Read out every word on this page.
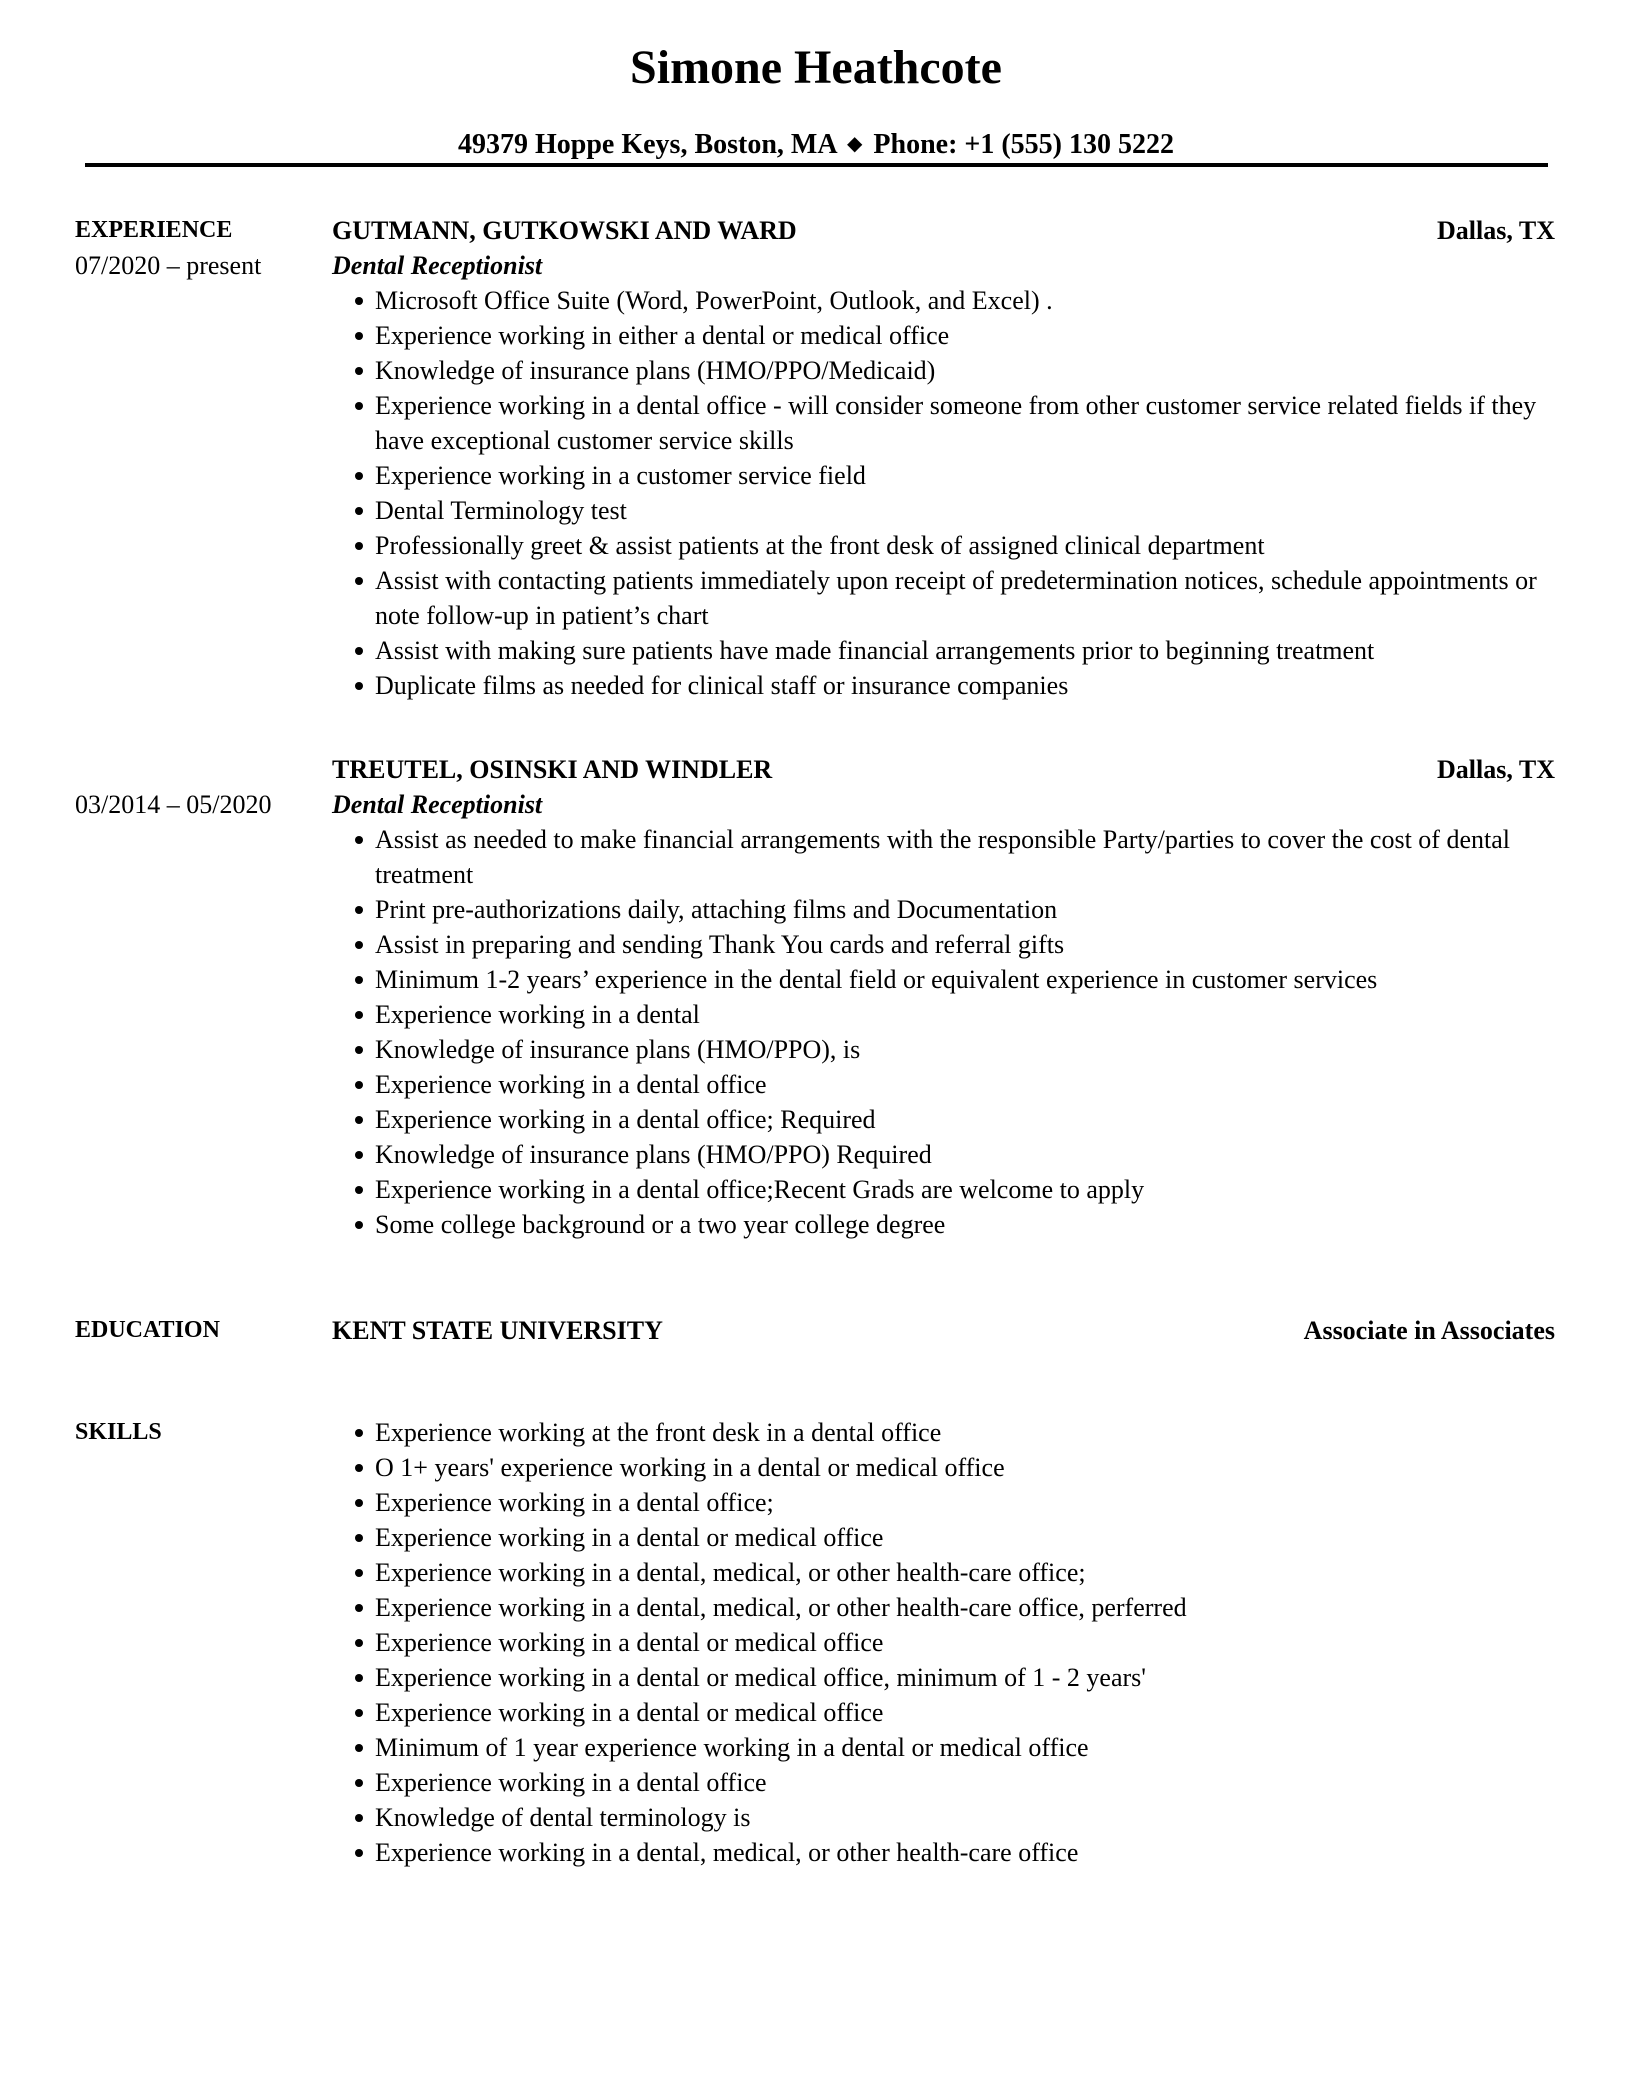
Simone Heathcote
49379 Hoppe Keys, Boston, MA ◆ Phone: +1 (555) 130 5222
EXPERIENCE	GUTMANN, GUTKOWSKI AND WARD	Dallas, TX
07/2020 – present	Dental Receptionist
Microsoft Office Suite (Word, PowerPoint, Outlook, and Excel) .
Experience working in either a dental or medical office
Knowledge of insurance plans (HMO/PPO/Medicaid)
Experience working in a dental office - will consider someone from other customer service related fields if they have exceptional customer service skills
Experience working in a customer service field
Dental Terminology test
Professionally greet & assist patients at the front desk of assigned clinical department
Assist with contacting patients immediately upon receipt of predetermination notices, schedule appointments or note follow-up in patient’s chart
Assist with making sure patients have made financial arrangements prior to beginning treatment
Duplicate films as needed for clinical staff or insurance companies
TREUTEL, OSINSKI AND WINDLER	Dallas, TX
03/2014 – 05/2020 Dental Receptionist
Assist as needed to make financial arrangements with the responsible Party/parties to cover the cost of dental treatment
Print pre-authorizations daily, attaching films and Documentation
Assist in preparing and sending Thank You cards and referral gifts
Minimum 1-2 years’ experience in the dental field or equivalent experience in customer services
Experience working in a dental
Knowledge of insurance plans (HMO/PPO), is
Experience working in a dental office
Experience working in a dental office; Required
Knowledge of insurance plans (HMO/PPO) Required
Experience working in a dental office;Recent Grads are welcome to apply
Some college background or a two year college degree
EDUCATION	KENT STATE UNIVERSITY	Associate in Associates
SKILLS	Experience working at the front desk in a dental office
O 1+ years' experience working in a dental or medical office
Experience working in a dental office;
Experience working in a dental or medical office
Experience working in a dental, medical, or other health-care office;
Experience working in a dental, medical, or other health-care office, perferred
Experience working in a dental or medical office
Experience working in a dental or medical office, minimum of 1 - 2 years'
Experience working in a dental or medical office
Minimum of 1 year experience working in a dental or medical office
Experience working in a dental office
Knowledge of dental terminology is
Experience working in a dental, medical, or other health-care office
